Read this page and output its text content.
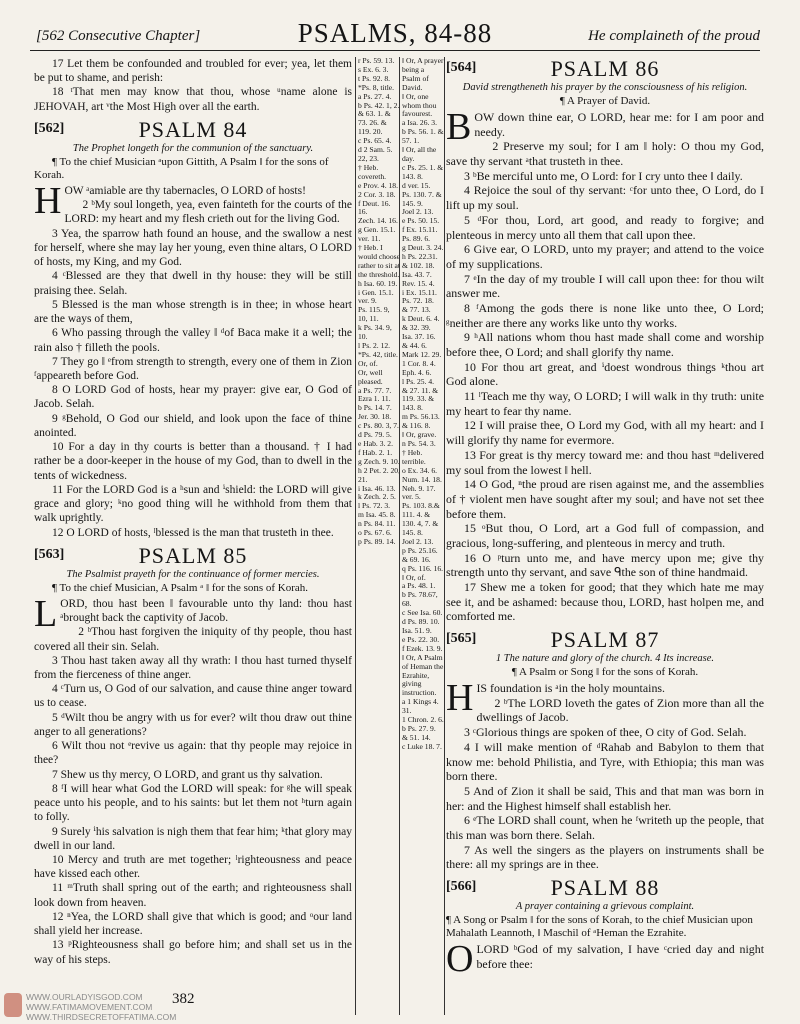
[562 Consecutive Chapter]	PSALMS, 84-88	He complaineth of the proud

17 Let them be confounded and troubled for ever; yea, let them be put to shame, and perish:

18 ᵗThat men may know that thou, whose ᵘname alone is JEHOVAH, art ᵛthe Most High over all the earth.

[562]	PSALM 84
The Prophet longeth for the communion of the sanctuary.
¶ To the chief Musician ᵃupon Gittith, A Psalm ‖ for the sons of Korah.

HOW ᵃamiable are thy tabernacles, O LORD of hosts!

2 ᵇMy soul longeth, yea, even fainteth for the courts of the LORD: my heart and my flesh crieth out for the living God.

3 Yea, the sparrow hath found an house, and the swallow a nest for herself, where she may lay her young, even thine altars, O LORD of hosts, my King, and my God.

4 ᶜBlessed are they that dwell in thy house: they will be still praising thee. Selah.

5 Blessed is the man whose strength is in thee; in whose heart are the ways of them,

6 Who passing through the valley ‖ ᵈof Baca make it a well; the rain also † filleth the pools.

7 They go ‖ ᵉfrom strength to strength, every one of them in Zion ᶠappeareth before God.

8 O LORD God of hosts, hear my prayer: give ear, O God of Jacob. Selah.

9 ᵍBehold, O God our shield, and look upon the face of thine anointed.

10 For a day in thy courts is better than a thousand. † I had rather be a door-keeper in the house of my God, than to dwell in the tents of wickedness.

11 For the LORD God is a ʰsun and ⁱshield: the LORD will give grace and glory; ᵏno good thing will he withhold from them that walk uprightly.

12 O LORD of hosts, ˡblessed is the man that trusteth in thee.

[563]	PSALM 85
The Psalmist prayeth for the continuance of former mercies.
¶ To the chief Musician, A Psalm ᵃ ‖ for the sons of Korah.

LORD, thou hast been ‖ favourable unto thy land: thou hast ᵃbrought back the captivity of Jacob.

2 ᵇThou hast forgiven the iniquity of thy people, thou hast covered all their sin. Selah.

3 Thou hast taken away all thy wrath: ‖ thou hast turned thyself from the fierceness of thine anger.

4 ᶜTurn us, O God of our salvation, and cause thine anger toward us to cease.

5 ᵈWilt thou be angry with us for ever? wilt thou draw out thine anger to all generations?

6 Wilt thou not ᵉrevive us again: that thy people may rejoice in thee?

7 Shew us thy mercy, O LORD, and grant us thy salvation.

8 ᶠI will hear what God the LORD will speak: for ᵍhe will speak peace unto his people, and to his saints: but let them not ʰturn again to folly.

9 Surely ⁱhis salvation is nigh them that fear him; ᵏthat glory may dwell in our land.

10 Mercy and truth are met together; ˡrighteousness and peace have kissed each other.

11 ᵐTruth shall spring out of the earth; and righteousness shall look down from heaven.

12 ⁿYea, the LORD shall give that which is good; and ᵒour land shall yield her increase.

13 ᵖRighteousness shall go before him; and shall set us in the way of his steps.

r Ps. 59. 13.
s Ex. 6. 3.
t Ps. 92. 8.
*Ps. 8, title.
a Ps. 27. 4.
b Ps. 42. 1, 2. & 63. 1. & 73. 26. & 119. 20.
c Ps. 65. 4.
d 2 Sam. 5. 22, 23.
† Heb. covereth.
e Prov. 4. 18.
2 Cor. 3. 18.
f Deut. 16. 16.
Zech. 14. 16.
g Gen. 15.1. ver. 11.
† Heb. I would choose rather to sit at the threshold.
h Isa. 60. 19.
i Gen. 15.1. ver. 9.
Ps. 115. 9, 10, 11.
k Ps. 34. 9, 10.
l Ps. 2. 12.
*Ps. 42, title.
Or, of.
Or, well pleased.
a Ps. 77. 7. Ezra 1. 11.
b Ps. 14. 7.
Jer. 30. 18.
c Ps. 80. 3, 7.
d Ps. 79. 5.
e Hab. 3. 2.
f Hab. 2. 1.
g Zech. 9. 10.
h 2 Pet. 2. 20, 21.
i Isa. 46. 13.
k Zech. 2. 5.
l Ps. 72. 3.
m Isa. 45. 8.
n Ps. 84. 11.
o Ps. 67. 6.
p Ps. 89. 14.
‖ Or, A prayer being a Psalm of David.
‖ Or, one whom thou favourest.
a Isa. 26. 3.
b Ps. 56. 1. & 57. 1.
‖ Or, all the day.
c Ps. 25. 1. & 143. 8.
d ver. 15.
Ps. 130. 7. & 145. 9.
Joel 2. 13.
e Ps. 50. 15.
f Ex. 15.11.
Ps. 89. 6.
g Deut. 3. 24.
h Ps. 22.31. & 102. 18.
Isa. 43. 7.
Rev. 15. 4.
i Ex. 15.11.
Ps. 72. 18.
& 77. 13.
k Deut. 6. 4.
& 32. 39.
Isa. 37. 16.
& 44. 6.
Mark 12. 29.
1 Cor. 8. 4.
Eph. 4. 6.
l Ps. 25. 4.
& 27. 11. &
119. 33. &
143. 8.
m Ps. 56.13.
& 116. 8.
‖ Or, grave.
n Ps. 54. 3.
† Heb. terrible.
o Ex. 34. 6.
Num. 14. 18.
Neh. 9. 17.
ver. 5.
Ps. 103. 8.&
111. 4. &
130. 4, 7. &
145. 8.
Joel 2. 13.
p Ps. 25.16.
& 69. 16.
q Ps. 116. 16.
‖ Or, of.
a Ps. 48. 1.
b Ps. 78.67, 68.
c See Isa. 60.
d Ps. 89. 10.
Isa. 51. 9.
e Ps. 22. 30.
f Ezek. 13. 9.
‖ Or, A Psalm of Heman the Ezrahite, giving instruction.
a 1 Kings 4. 31.
1 Chron. 2. 6.
b Ps. 27. 9.
& 51. 14.
c Luke 18. 7.
[564]	PSALM 86
David strengtheneth his prayer by the consciousness of his religion.
¶ A Prayer of David.

BOW down thine ear, O LORD, hear me: for I am poor and needy.

2 Preserve my soul; for I am ‖ holy: O thou my God, save thy servant ᵃthat trusteth in thee.

3 ᵇBe merciful unto me, O Lord: for I cry unto thee ‖ daily.

4 Rejoice the soul of thy servant: ᶜfor unto thee, O Lord, do I lift up my soul.

5 ᵈFor thou, Lord, art good, and ready to forgive; and plenteous in mercy unto all them that call upon thee.

6 Give ear, O LORD, unto my prayer; and attend to the voice of my supplications.

7 ᵉIn the day of my trouble I will call upon thee: for thou wilt answer me.

8 ᶠAmong the gods there is none like unto thee, O Lord; ᵍneither are there any works like unto thy works.

9 ʰAll nations whom thou hast made shall come and worship before thee, O Lord; and shall glorify thy name.

10 For thou art great, and ⁱdoest wondrous things ᵏthou art God alone.

11 ˡTeach me thy way, O LORD; I will walk in thy truth: unite my heart to fear thy name.

12 I will praise thee, O Lord my God, with all my heart: and I will glorify thy name for evermore.

13 For great is thy mercy toward me: and thou hast ᵐdelivered my soul from the lowest ‖ hell.

14 O God, ⁿthe proud are risen against me, and the assemblies of † violent men have sought after my soul; and have not set thee before them.

15 ᵒBut thou, O Lord, art a God full of compassion, and gracious, long-suffering, and plenteous in mercy and truth.

16 O ᵖturn unto me, and have mercy upon me; give thy strength unto thy servant, and save ᑫthe son of thine handmaid.

17 Shew me a token for good; that they which hate me may see it, and be ashamed: because thou, LORD, hast holpen me, and comforted me.

[565]	PSALM 87
1 The nature and glory of the church. 4 Its increase.
¶ A Psalm or Song ‖ for the sons of Korah.

HIS foundation is ᵃin the holy mountains.

2 ᵇThe LORD loveth the gates of Zion more than all the dwellings of Jacob.

3 ᶜGlorious things are spoken of thee, O city of God. Selah.

4 I will make mention of ᵈRahab and Babylon to them that know me: behold Philistia, and Tyre, with Ethiopia; this man was born there.

5 And of Zion it shall be said, This and that man was born in her: and the Highest himself shall establish her.

6 ᵉThe LORD shall count, when he ᶠwriteth up the people, that this man was born there. Selah.

7 As well the singers as the players on instruments shall be there: all my springs are in thee.

[566]	PSALM 88
A prayer containing a grievous complaint.
¶ A Song or Psalm ‖ for the sons of Korah, to the chief Musician upon Mahalath Leannoth, ‖ Maschil of ᵃHeman the Ezrahite.

OLORD ᵇGod of my salvation, I have ᶜcried day and night before thee:

WWW.OURLADYISGOD.COM
WWW.FATIMAMOVEMENT.COM
WWW.THIRDSECRETOFFATIMA.COM
382
